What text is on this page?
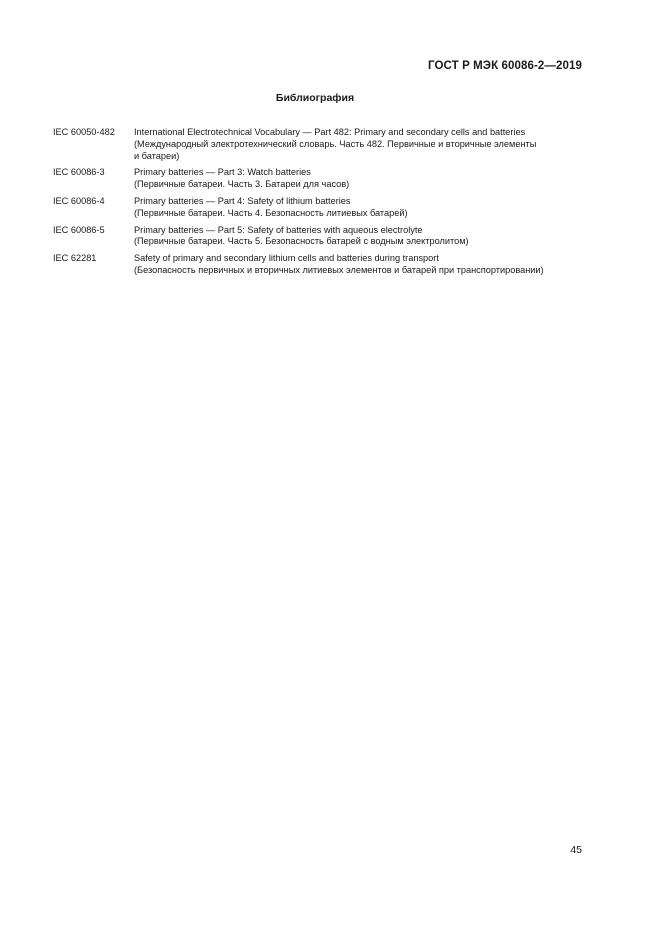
ГОСТ Р МЭК 60086-2—2019
Библиография
IEC 60050-482	International Electrotechnical Vocabulary — Part 482: Primary and secondary cells and batteries
(Международный электротехнический словарь. Часть 482. Первичные и вторичные элементы
и батареи)
IEC 60086-3	Primary batteries — Part 3: Watch batteries
(Первичные батареи. Часть 3. Батареи для часов)
IEC 60086-4	Primary batteries — Part 4: Safety of lithium batteries
(Первичные батареи. Часть 4. Безопасность литиевых батарей)
IEC 60086-5	Primary batteries — Part 5: Safety of batteries with aqueous electrolyte
(Первичные батареи. Часть 5. Безопасность батарей с водным электролитом)
IEC 62281	Safety of primary and secondary lithium cells and batteries during transport
(Безопасность первичных и вторичных литиевых элементов и батарей при транспортировании)
45
